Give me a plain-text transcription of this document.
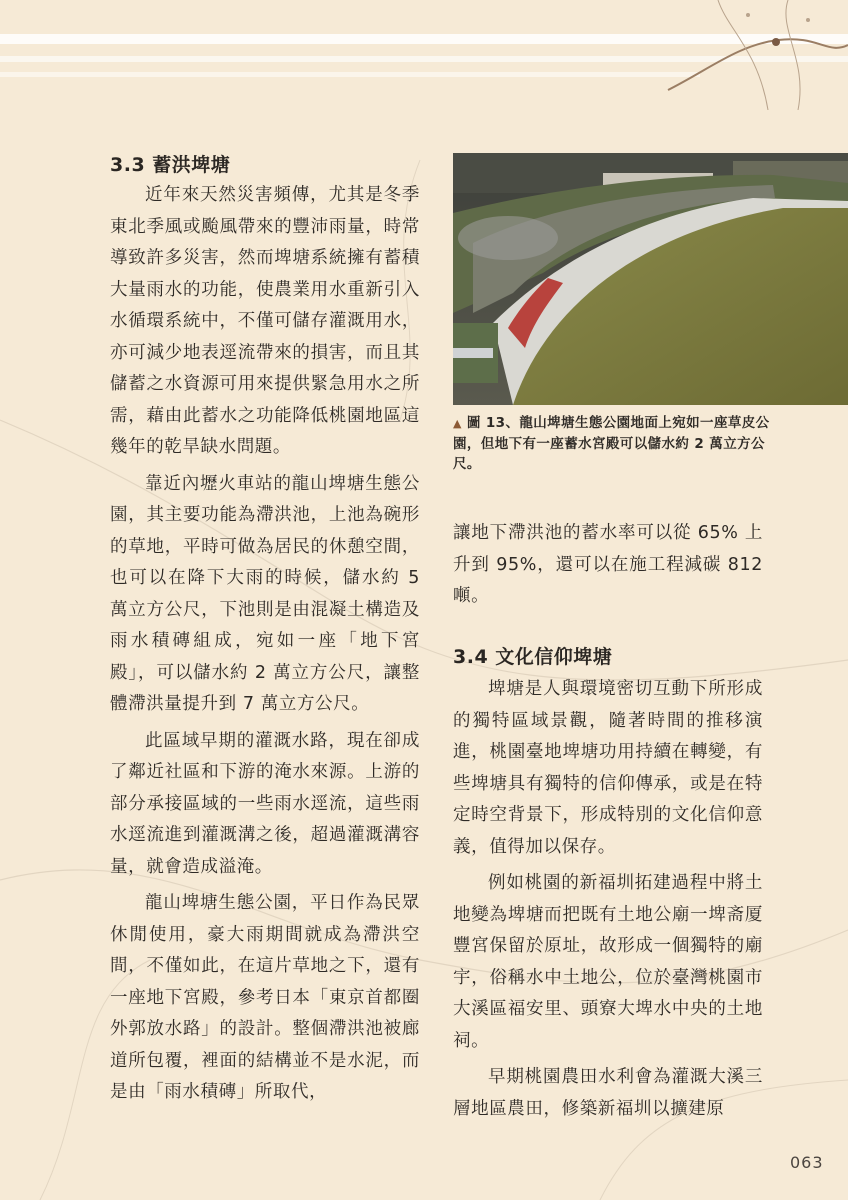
3.3 蓄洪埤塘

近年來天然災害頻傳，尤其是冬季東北季風或颱風帶來的豐沛雨量，時常導致許多災害，然而埤塘系統擁有蓄積大量雨水的功能，使農業用水重新引入水循環系統中，不僅可儲存灌溉用水，亦可減少地表逕流帶來的損害，而且其儲蓄之水資源可用來提供緊急用水之所需，藉由此蓄水之功能降低桃園地區這幾年的乾旱缺水問題。

靠近內壢火車站的龍山埤塘生態公園，其主要功能為滯洪池，上池為碗形的草地，平時可做為居民的休憩空間，也可以在降下大雨的時候，儲水約 5 萬立方公尺，下池則是由混凝土構造及雨水積磚組成，宛如一座「地下宮殿」，可以儲水約 2 萬立方公尺，讓整體滯洪量提升到 7 萬立方公尺。

此區域早期的灌溉水路，現在卻成了鄰近社區和下游的淹水來源。上游的部分承接區域的一些雨水逕流，這些雨水逕流進到灌溉溝之後，超過灌溉溝容量，就會造成溢淹。

龍山埤塘生態公園，平日作為民眾休閒使用，豪大雨期間就成為滯洪空間，不僅如此，在這片草地之下，還有一座地下宮殿，參考日本「東京首都圈外郭放水路」的設計。整個滯洪池被廊道所包覆，裡面的結構並不是水泥，而是由「雨水積磚」所取代，

▲ 圖 13、龍山埤塘生態公園地面上宛如一座草皮公園，但地下有一座蓄水宮殿可以儲水約 2 萬立方公尺。

讓地下滯洪池的蓄水率可以從 65% 上升到 95%，還可以在施工程減碳 812 噸。

3.4 文化信仰埤塘

埤塘是人與環境密切互動下所形成的獨特區域景觀，隨著時間的推移演進，桃園臺地埤塘功用持續在轉變，有些埤塘具有獨特的信仰傳承，或是在特定時空背景下，形成特別的文化信仰意義，值得加以保存。

例如桃園的新福圳拓建過程中將土地變為埤塘而把既有土地公廟一埤斋厦豐宮保留於原址，故形成一個獨特的廟宇，俗稱水中土地公，位於臺灣桃園市大溪區福安里、頭寮大埤水中央的土地祠。

早期桃園農田水利會為灌溉大溪三層地區農田，修築新福圳以擴建原

063
